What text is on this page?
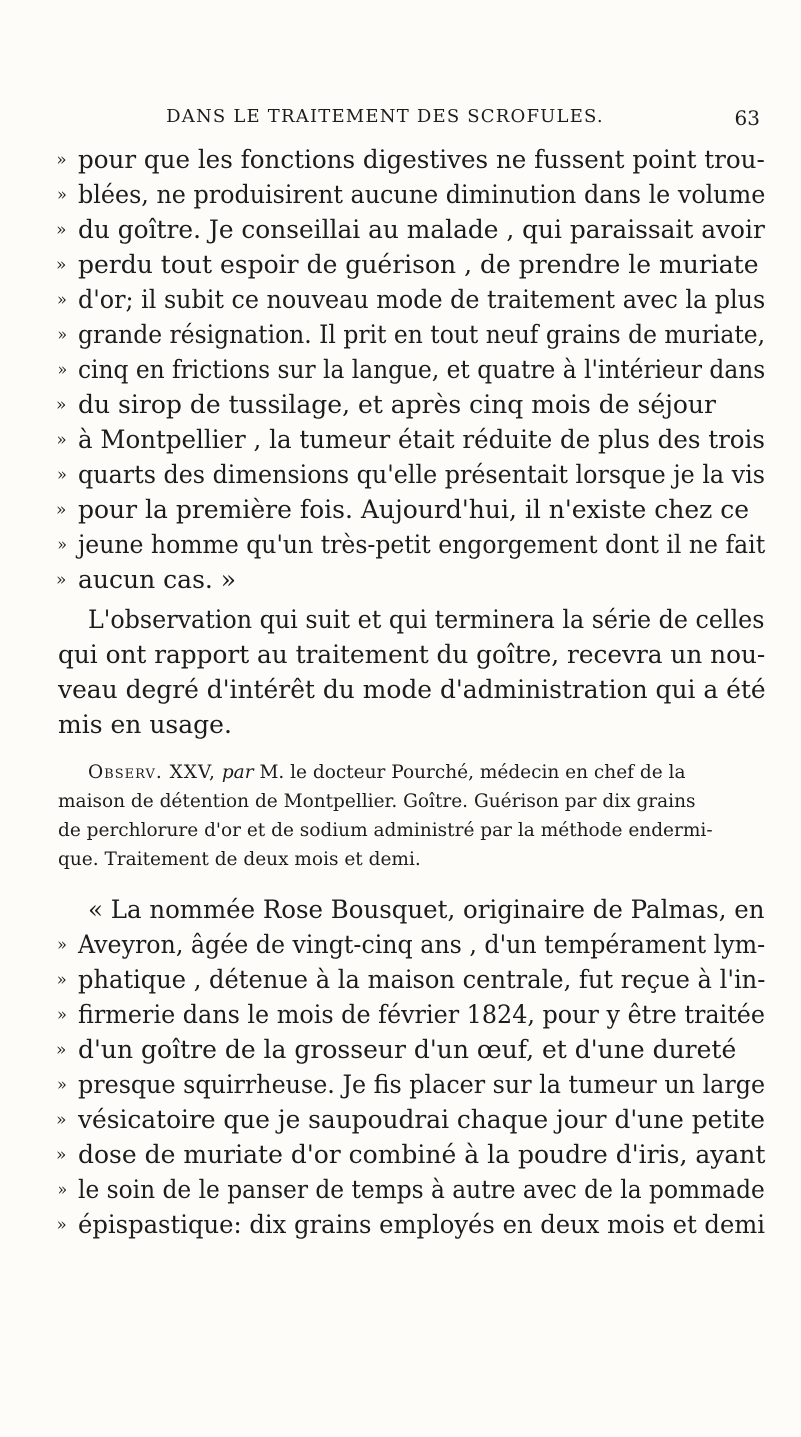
DANS LE TRAITEMENT DES SCROFULES.	63
» pour que les fonctions digestives ne fussent point trou-
» blées, ne produisirent aucune diminution dans le volume
» du goître. Je conseillai au malade , qui paraissait avoir
» perdu tout espoir de guérison , de prendre le muriate
» d'or; il subit ce nouveau mode de traitement avec la plus
» grande résignation. Il prit en tout neuf grains de muriate,
» cinq en frictions sur la langue, et quatre à l'intérieur dans
» du sirop de tussilage, et après cinq mois de séjour
» à Montpellier , la tumeur était réduite de plus des trois
» quarts des dimensions qu'elle présentait lorsque je la vis
» pour la première fois. Aujourd'hui, il n'existe chez ce
» jeune homme qu'un très-petit engorgement dont il ne fait
» aucun cas. »
L'observation qui suit et qui terminera la série de celles
qui ont rapport au traitement du goître, recevra un nou-
veau degré d'intérêt du mode d'administration qui a été
mis en usage.
Observ. XXV, par M. le docteur Pourché, médecin en chef de la
maison de détention de Montpellier. Goître. Guérison par dix grains
de perchlorure d'or et de sodium administré par la méthode endermi-
que. Traitement de deux mois et demi.
« La nommée Rose Bousquet, originaire de Palmas, en
» Aveyron, âgée de vingt-cinq ans , d'un tempérament lym-
» phatique , détenue à la maison centrale, fut reçue à l'in-
» firmerie dans le mois de février 1824, pour y être traitée
» d'un goître de la grosseur d'un œuf, et d'une dureté
» presque squirrheuse. Je fis placer sur la tumeur un large
» vésicatoire que je saupoudrai chaque jour d'une petite
» dose de muriate d'or combiné à la poudre d'iris, ayant
» le soin de le panser de temps à autre avec de la pommade
» épispastique: dix grains employés en deux mois et demi
